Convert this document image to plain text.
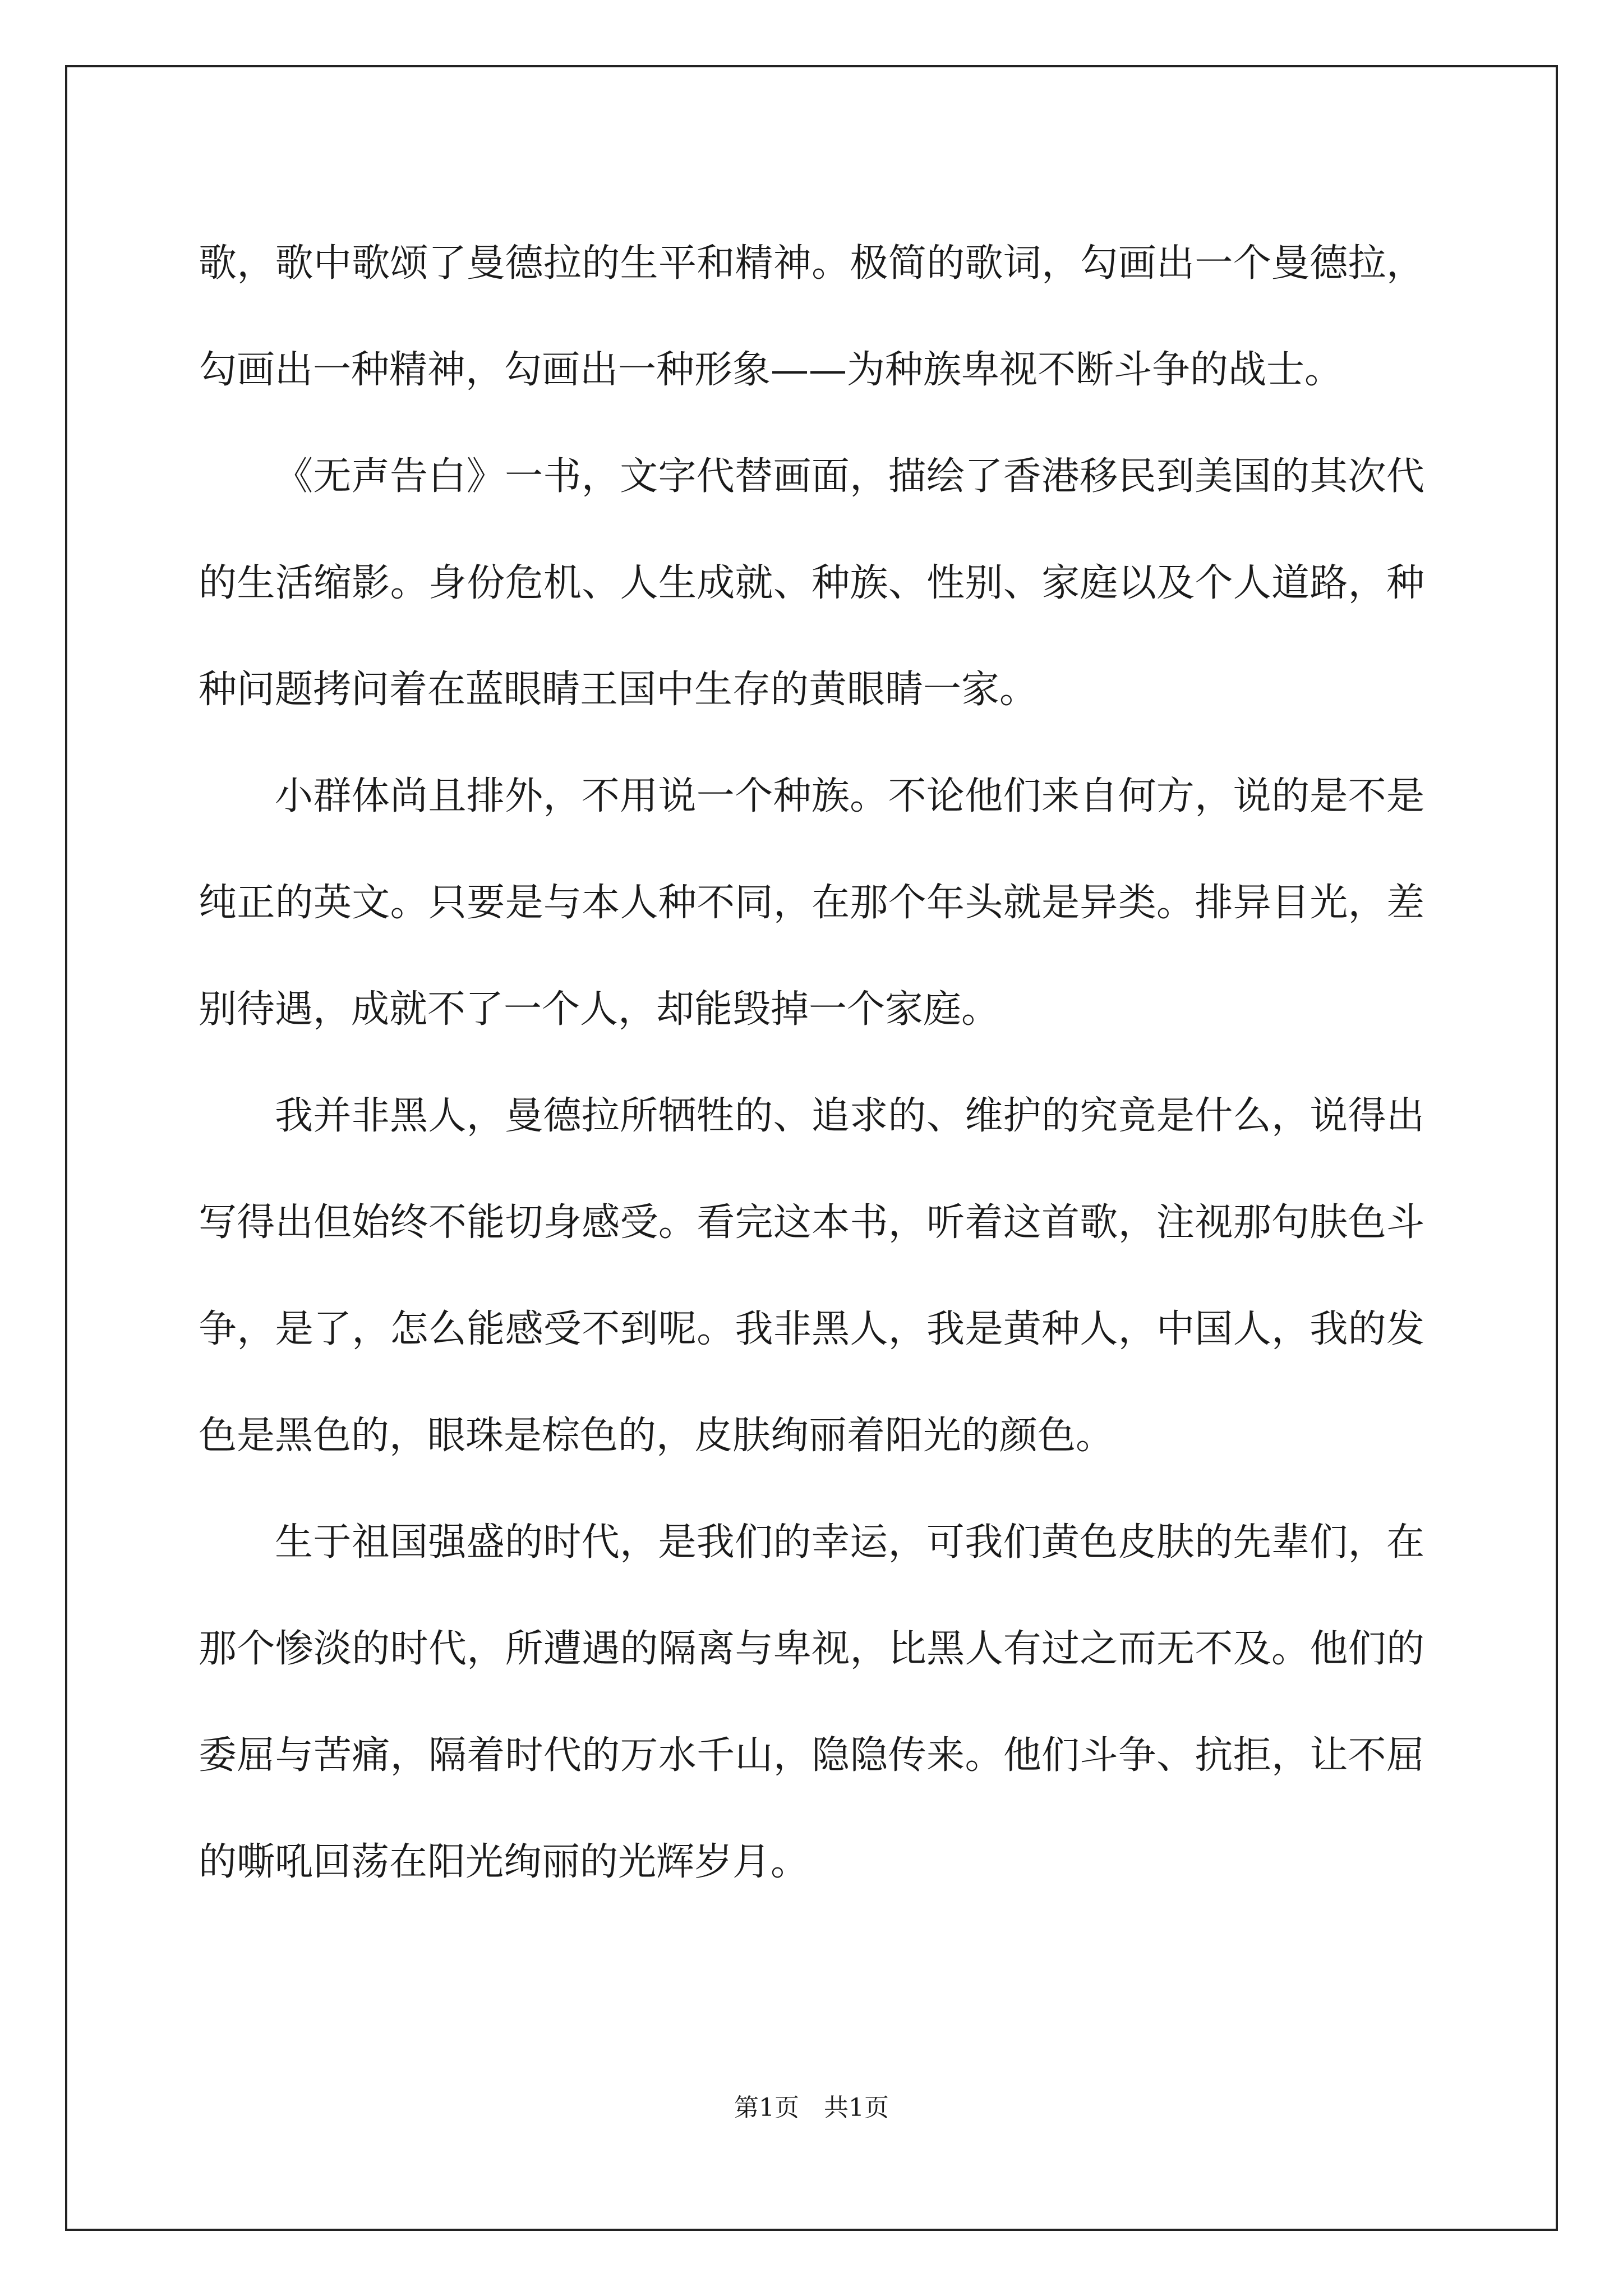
歌，歌中歌颂了曼德拉的生平和精神。极简的歌词，勾画出一个曼德拉，勾画出一种精神，勾画出一种形象——为种族卑视不断斗争的战士。

《无声告白》一书，文字代替画面，描绘了香港移民到美国的其次代的生活缩影。身份危机、人生成就、种族、性别、家庭以及个人道路，种种问题拷问着在蓝眼睛王国中生存的黄眼睛一家。

小群体尚且排外，不用说一个种族。不论他们来自何方，说的是不是纯正的英文。只要是与本人种不同，在那个年头就是异类。排异目光，差别待遇，成就不了一个人，却能毁掉一个家庭。

我并非黑人，曼德拉所牺牲的、追求的、维护的究竟是什么，说得出写得出但始终不能切身感受。看完这本书，听着这首歌，注视那句肤色斗争，是了，怎么能感受不到呢。我非黑人，我是黄种人，中国人，我的发色是黑色的，眼珠是棕色的，皮肤绚丽着阳光的颜色。

生于祖国强盛的时代，是我们的幸运，可我们黄色皮肤的先辈们，在那个惨淡的时代，所遭遇的隔离与卑视，比黑人有过之而无不及。他们的委屈与苦痛，隔着时代的万水千山，隐隐传来。他们斗争、抗拒，让不屈的嘶吼回荡在阳光绚丽的光辉岁月。

第1页　共1页
